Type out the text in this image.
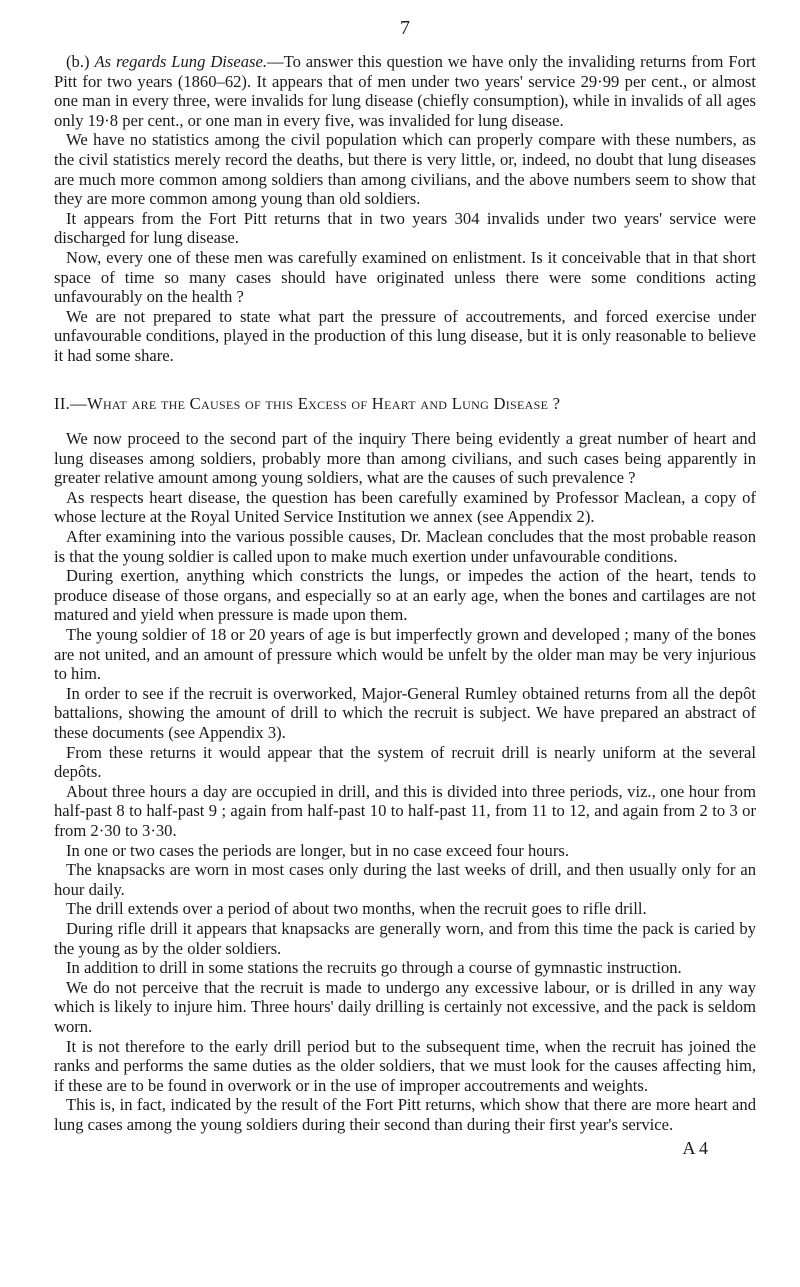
7

(b.) As regards Lung Disease.—To answer this question we have only the invaliding returns from Fort Pitt for two years (1860–62). It appears that of men under two years' service 29·99 per cent., or almost one man in every three, were invalids for lung disease (chiefly consumption), while in invalids of all ages only 19·8 per cent., or one man in every five, was invalided for lung disease.

We have no statistics among the civil population which can properly compare with these numbers, as the civil statistics merely record the deaths, but there is very little, or, indeed, no doubt that lung diseases are much more common among soldiers than among civilians, and the above numbers seem to show that they are more common among young than old soldiers.

It appears from the Fort Pitt returns that in two years 304 invalids under two years' service were discharged for lung disease.

Now, every one of these men was carefully examined on enlistment. Is it conceivable that in that short space of time so many cases should have originated unless there were some conditions acting unfavourably on the health ?

We are not prepared to state what part the pressure of accoutrements, and forced exercise under unfavourable conditions, played in the production of this lung disease, but it is only reasonable to believe it had some share.

II.—What are the Causes of this Excess of Heart and Lung Disease ?

We now proceed to the second part of the inquiry There being evidently a great number of heart and lung diseases among soldiers, probably more than among civilians, and such cases being apparently in greater relative amount among young soldiers, what are the causes of such prevalence ?

As respects heart disease, the question has been carefully examined by Professor Maclean, a copy of whose lecture at the Royal United Service Institution we annex (see Appendix 2).

After examining into the various possible causes, Dr. Maclean concludes that the most probable reason is that the young soldier is called upon to make much exertion under unfavourable conditions.

During exertion, anything which constricts the lungs, or impedes the action of the heart, tends to produce disease of those organs, and especially so at an early age, when the bones and cartilages are not matured and yield when pressure is made upon them.

The young soldier of 18 or 20 years of age is but imperfectly grown and developed ; many of the bones are not united, and an amount of pressure which would be unfelt by the older man may be very injurious to him.

In order to see if the recruit is overworked, Major-General Rumley obtained returns from all the depôt battalions, showing the amount of drill to which the recruit is subject. We have prepared an abstract of these documents (see Appendix 3).

From these returns it would appear that the system of recruit drill is nearly uniform at the several depôts.

About three hours a day are occupied in drill, and this is divided into three periods, viz., one hour from half-past 8 to half-past 9 ; again from half-past 10 to half-past 11, from 11 to 12, and again from 2 to 3 or from 2·30 to 3·30.

In one or two cases the periods are longer, but in no case exceed four hours.

The knapsacks are worn in most cases only during the last weeks of drill, and then usually only for an hour daily.

The drill extends over a period of about two months, when the recruit goes to rifle drill.

During rifle drill it appears that knapsacks are generally worn, and from this time the pack is caried by the young as by the older soldiers.

In addition to drill in some stations the recruits go through a course of gymnastic instruction.

We do not perceive that the recruit is made to undergo any excessive labour, or is drilled in any way which is likely to injure him. Three hours' daily drilling is certainly not excessive, and the pack is seldom worn.

It is not therefore to the early drill period but to the subsequent time, when the recruit has joined the ranks and performs the same duties as the older soldiers, that we must look for the causes affecting him, if these are to be found in overwork or in the use of improper accoutrements and weights.

This is, in fact, indicated by the result of the Fort Pitt returns, which show that there are more heart and lung cases among the young soldiers during their second than during their first year's service.

A 4
